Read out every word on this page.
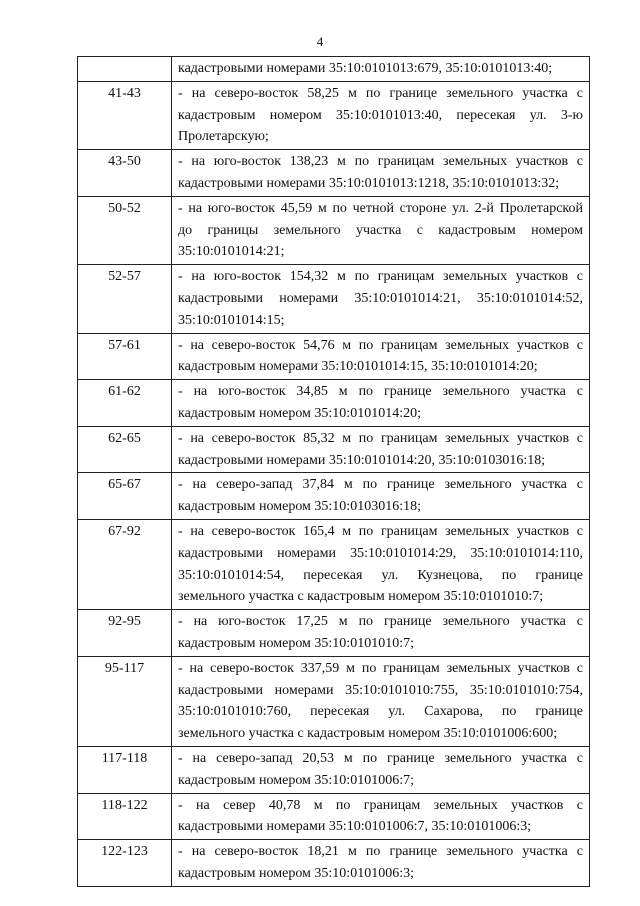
4

	кадастровыми номерами 35:10:0101013:679, 35:10:0101013:40;

41-43	- на северо-восток 58,25 м по границе земельного участка с
кадастровым номером 35:10:0101013:40, пересекая ул. 3-ю
Пролетарскую;

43-50	- на юго-восток 138,23 м по границам земельных участков с
кадастровыми номерами 35:10:0101013:1218, 35:10:0101013:32;

50-52	- на юго-восток 45,59 м по четной стороне ул. 2-й Пролетарской
до границы земельного участка с кадастровым номером
35:10:0101014:21;

52-57	- на юго-восток 154,32 м по границам земельных участков с
кадастровыми номерами 35:10:0101014:21, 35:10:0101014:52,
35:10:0101014:15;

57-61	- на северо-восток 54,76 м по границам земельных участков с
кадастровым номерами 35:10:0101014:15, 35:10:0101014:20;

61-62	- на юго-восток 34,85 м по границе земельного участка с
кадастровым номером 35:10:0101014:20;

62-65	- на северо-восток 85,32 м по границам земельных участков с
кадастровыми номерами 35:10:0101014:20, 35:10:0103016:18;

65-67	- на северо-запад 37,84 м по границе земельного участка с
кадастровым номером 35:10:0103016:18;

67-92	- на северо-восток 165,4 м по границам земельных участков с
кадастровыми номерами 35:10:0101014:29, 35:10:0101014:110,
35:10:0101014:54, пересекая ул. Кузнецова, по границе
земельного участка с кадастровым номером 35:10:0101010:7;

92-95	- на юго-восток 17,25 м по границе земельного участка с
кадастровым номером 35:10:0101010:7;

95-117	- на северо-восток 337,59 м по границам земельных участков с
кадастровыми номерами 35:10:0101010:755, 35:10:0101010:754,
35:10:0101010:760, пересекая ул. Сахарова, по границе
земельного участка с кадастровым номером 35:10:0101006:600;

117-118	- на северо-запад 20,53 м по границе земельного участка с
кадастровым номером 35:10:0101006:7;

118-122	- на север 40,78 м по границам земельных участков с
кадастровыми номерами 35:10:0101006:7, 35:10:0101006:3;

122-123	- на северо-восток 18,21 м по границе земельного участка с
кадастровым номером 35:10:0101006:3;
